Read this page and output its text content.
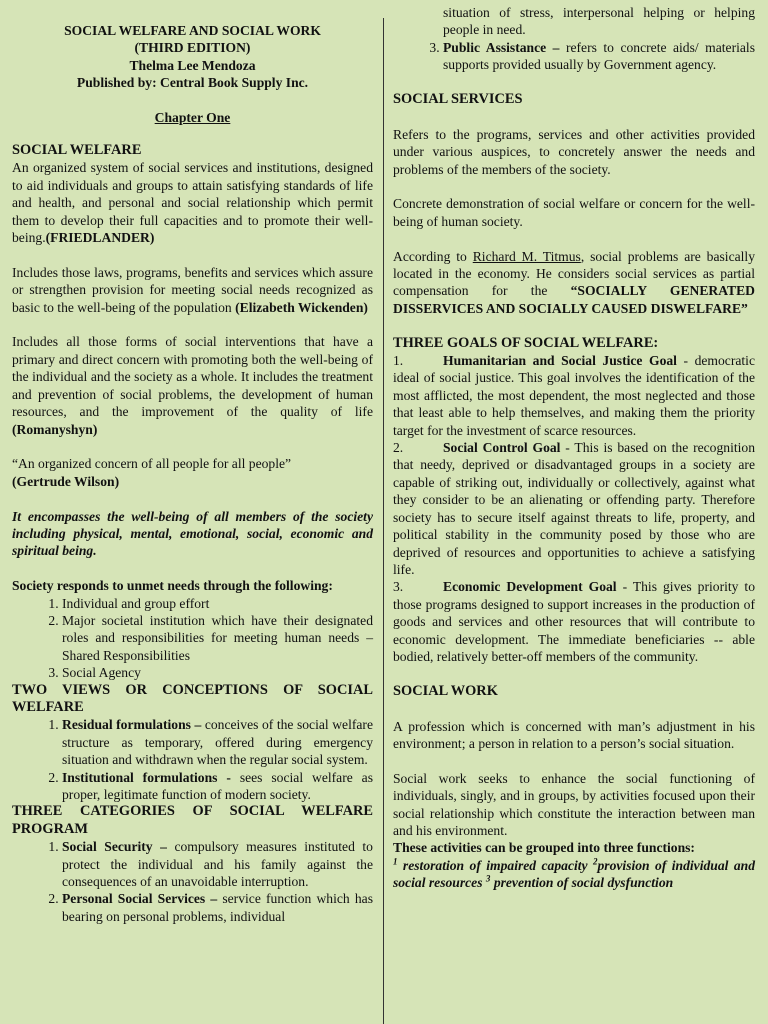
SOCIAL WELFARE AND SOCIAL WORK

(THIRD EDITION)

Thelma Lee Mendoza

Published by: Central Book Supply Inc.

Chapter One

SOCIAL WELFARE

An organized system of social services and institutions, designed to aid individuals and groups to attain satisfying standards of life and health, and personal and social relationship which permit them to develop their full capacities and to promote their well-being.(FRIEDLANDER)

Includes those laws, programs, benefits and services which assure or strengthen provision for meeting social needs recognized as basic to the well-being of the population (Elizabeth Wickenden)

Includes all those forms of social interventions that have a primary and direct concern with promoting both the well-being of the individual and the society as a whole. It includes the treatment and prevention of social problems, the development of human resources, and the improvement of the quality of life (Romanyshyn)

“An organized concern of all people for all people”
(Gertrude Wilson)

It encompasses the well-being of all members of the society including physical, mental, emotional, social, economic and spiritual being.

Society responds to unmet needs through the following:

1. Individual and group effort
2. Major societal institution which have their designated roles and responsibilities for meeting human needs – Shared Responsibilities
3. Social Agency

TWO VIEWS OR CONCEPTIONS OF SOCIAL WELFARE

1. Residual formulations – conceives of the social welfare structure as temporary, offered during emergency situation and withdrawn when the regular social system.
2. Institutional formulations - sees social welfare as proper, legitimate function of modern society.

THREE CATEGORIES OF SOCIAL WELFARE PROGRAM

1. Social Security – compulsory measures instituted to protect the individual and his family against the consequences of an unavoidable interruption.
2. Personal Social Services – service function which has bearing on personal problems, individual
situation of stress, interpersonal helping or helping people in need.
3. Public Assistance – refers to concrete aids/ materials supports provided usually by Government agency.

SOCIAL SERVICES

Refers to the programs, services and other activities provided under various auspices, to concretely answer the needs and problems of the members of the society.

Concrete demonstration of social welfare or concern for the well-being of human society.

According to Richard M. Titmus, social problems are basically located in the economy. He considers social services as partial compensation for the “SOCIALLY GENERATED DISSERVICES AND SOCIALLY CAUSED DISWELFARE”

THREE GOALS OF SOCIAL WELFARE:

1.	Humanitarian and Social Justice Goal - democratic ideal of social justice. This goal involves the identification of the most afflicted, the most dependent, the most neglected and those that least able to help themselves, and making them the priority target for the investment of scarce resources.

2.	Social Control Goal - This is based on the recognition that needy, deprived or disadvantaged groups in a society are capable of striking out, individually or collectively, against what they consider to be an alienating or offending party. Therefore society has to secure itself against threats to life, property, and political stability in the community posed by those who are deprived of resources and opportunities to achieve a satisfying life.

3.	Economic Development Goal - This gives priority to those programs designed to support increases in the production of goods and services and other resources that will contribute to economic development. The immediate beneficiaries -- able bodied, relatively better-off members of the community.

SOCIAL WORK

A profession which is concerned with man’s adjustment in his environment; a person in relation to a person’s social situation.

Social work seeks to enhance the social functioning of individuals, singly, and in groups, by activities focused upon their social relationship which constitute the interaction between man and his environment.

These activities can be grouped into three functions:

$^1$ restoration of impaired capacity $^2$provision of individual and social resources $^3$ prevention of social dysfunction
